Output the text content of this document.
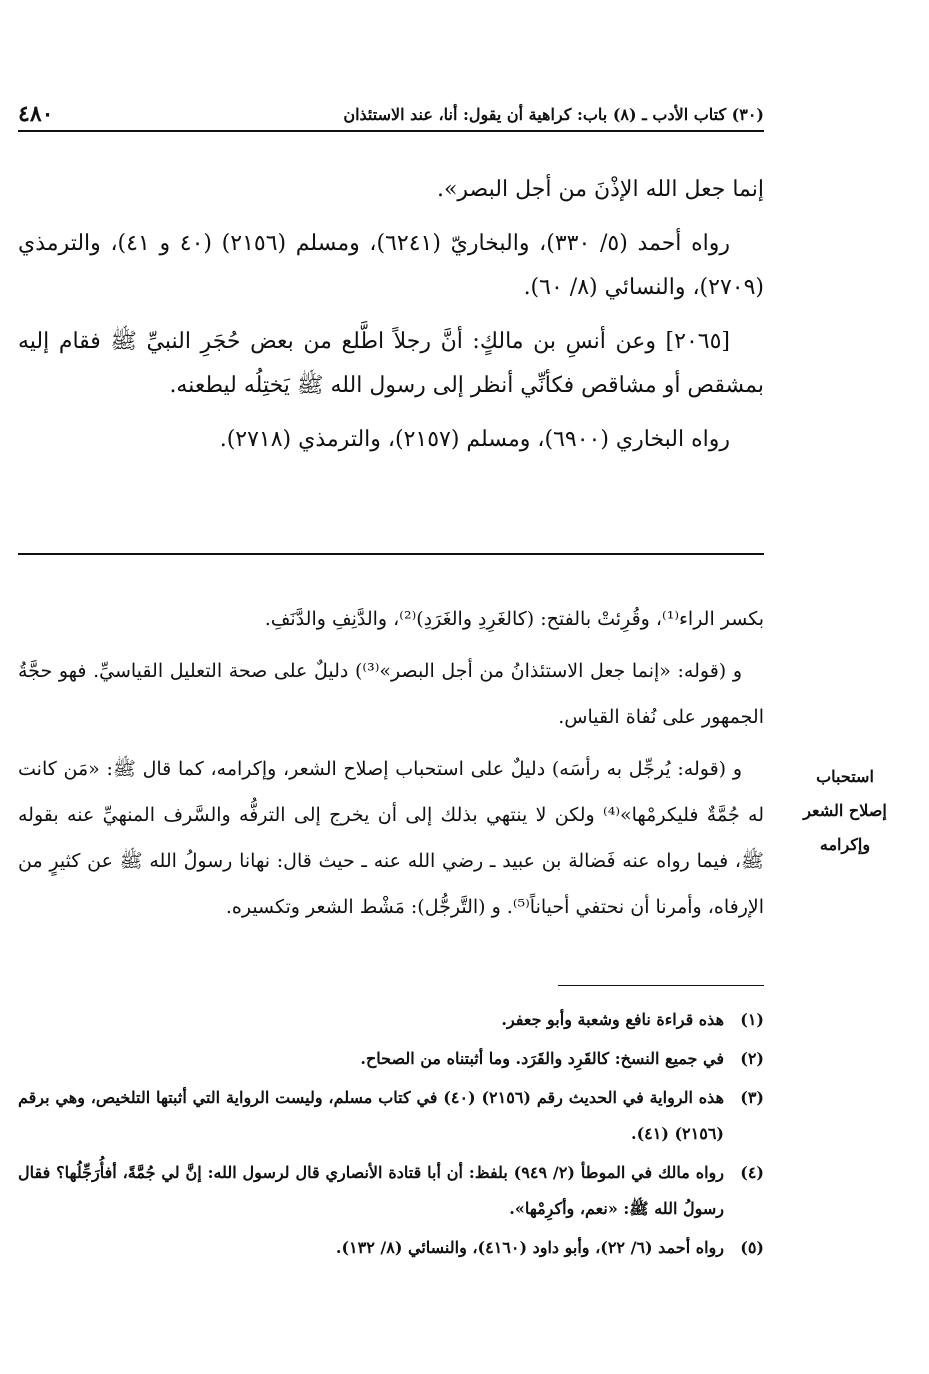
٤٨٠	(٣٠) كتاب الأدب ـ (٨) باب: كراهية أن يقول: أنا، عند الاستئذان

إنما جعل الله الإذْنَ من أجل البصر».

رواه أحمد (٥/ ٣٣٠)، والبخاريّ (٦٢٤١)، ومسلم (٢١٥٦) (٤٠ و ٤١)، والترمذي (٢٧٠٩)، والنسائي (٨/ ٦٠).

[٢٠٦٥] وعن أنسِ بن مالكٍ: أنَّ رجلاً اطَّلع من بعض حُجَرِ النبيِّ ﷺ فقام إليه بمشقص أو مشاقص فكأنِّي أنظر إلى رسول الله ﷺ يَختِلُه ليطعنه.

رواه البخاري (٦٩٠٠)، ومسلم (٢١٥٧)، والترمذي (٢٧١٨).

بكسر الراء⁽¹⁾، وقُرِئتْ بالفتح: (كالغَرِدِ والغَرَدِ)⁽²⁾، والدَّنِفِ والدَّنَفِ.

و (قوله: «إنما جعل الاستئذانُ من أجل البصر»⁽³⁾) دليلٌ على صحة التعليل القياسيِّ. فهو حجَّةُ الجمهور على نُفاة القياس.

و (قوله: يُرجِّل به رأسَه) دليلٌ على استحباب إصلاح الشعر، وإكرامه، كما قال ﷺ: «مَن كانت له جُمَّةٌ فليكرمْها»⁽⁴⁾ ولكن لا ينتهي بذلك إلى أن يخرج إلى الترفُّه والسَّرف المنهيِّ عنه بقوله ﷺ، فيما رواه عنه فَضالة بن عبيد ـ رضي الله عنه ـ حيث قال: نهانا رسولُ الله ﷺ عن كثيرٍ من الإرفاه، وأمرنا أن نحتفي أحياناً⁽⁵⁾. و (التَّرجُّل): مَشْط الشعر وتكسيره.

استحباب
إصلاح الشعر
وإكرامه
(١)
هذه قراءة نافع وشعبة وأبو جعفر.
(٢)
في جميع النسخ: كالقَرِد والقَرَد. وما أثبتناه من الصحاح.
(٣)
هذه الرواية في الحديث رقم (٢١٥٦) (٤٠) في كتاب مسلم، وليست الرواية التي أثبتها التلخيص، وهي برقم (٢١٥٦) (٤١).
(٤)
رواه مالك في الموطأ (٢/ ٩٤٩) بلفظ: أن أبا قتادة الأنصاري قال لرسول الله: إنَّ لي جُمَّةً، أفأُرَجِّلُها؟ فقال رسولُ الله ﷺ: «نعم، وأكرِمْها».
(٥)
رواه أحمد (٦/ ٢٢)، وأبو داود (٤١٦٠)، والنسائي (٨/ ١٣٢).
